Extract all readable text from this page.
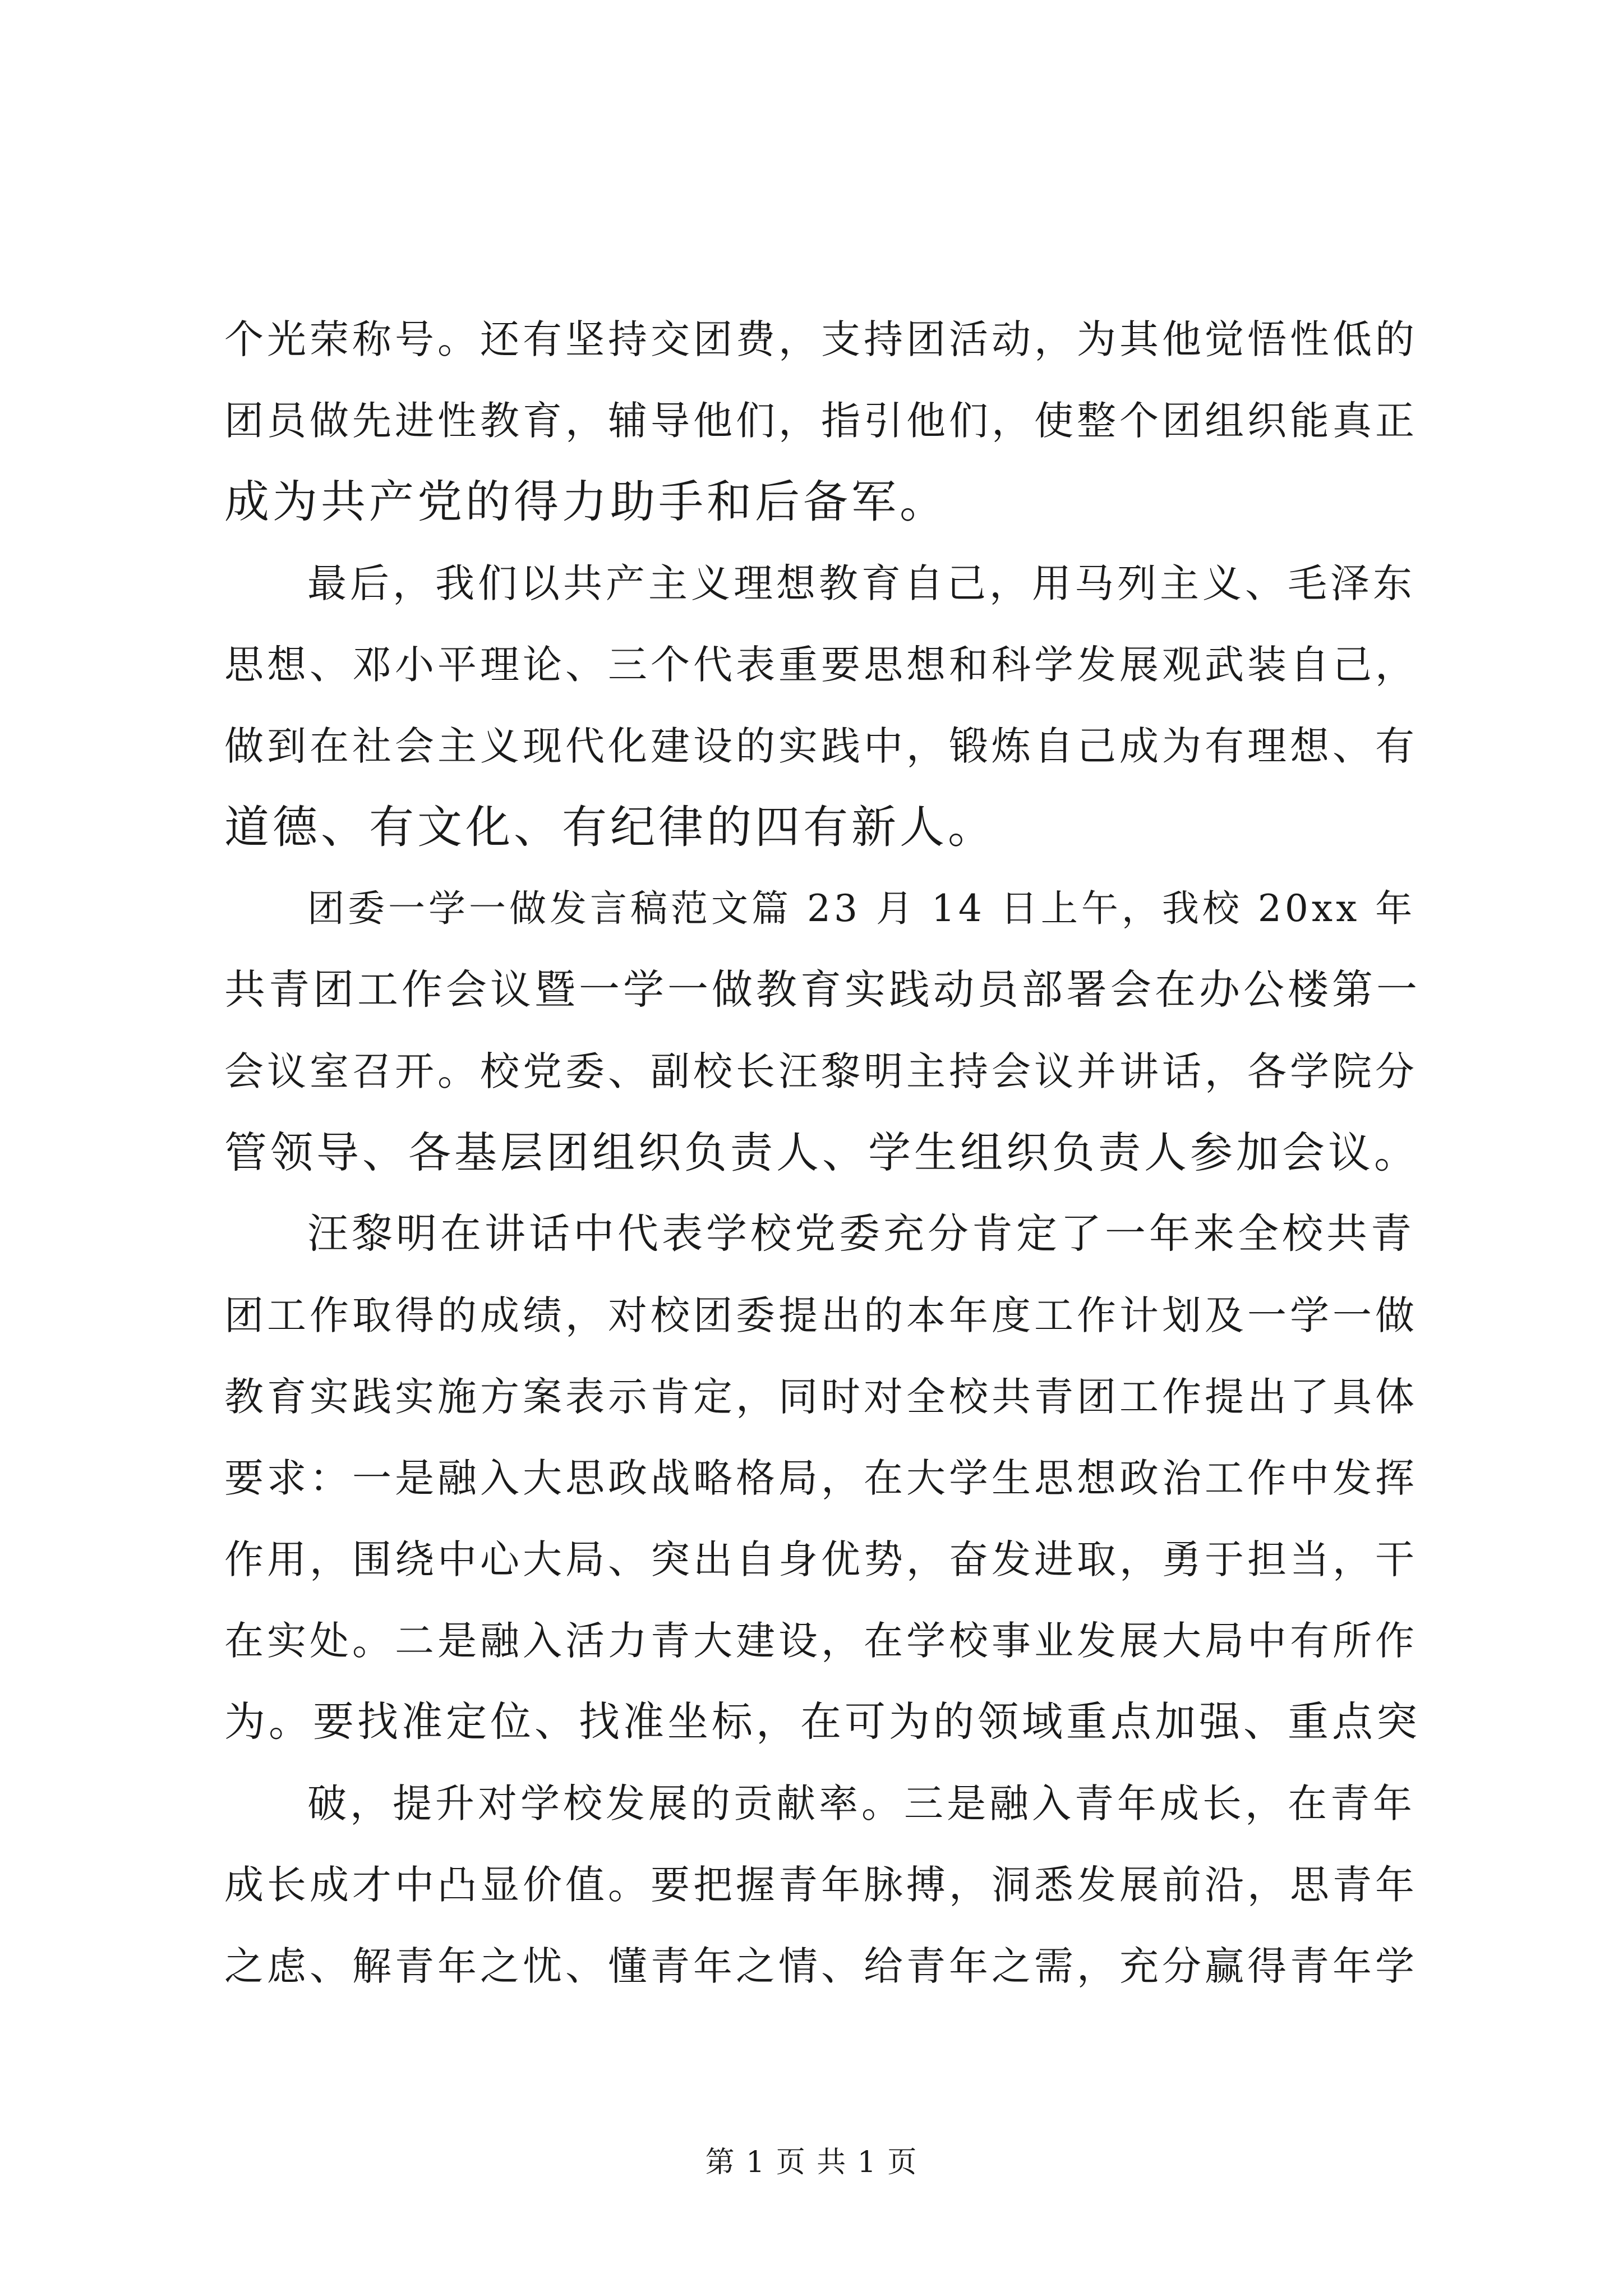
个光荣称号。还有坚持交团费，支持团活动，为其他觉悟性低的
团员做先进性教育，辅导他们，指引他们，使整个团组织能真正
成为共产党的得力助手和后备军。
最后，我们以共产主义理想教育自己，用马列主义、毛泽东
思想、邓小平理论、三个代表重要思想和科学发展观武装自己，
做到在社会主义现代化建设的实践中，锻炼自己成为有理想、有
道德、有文化、有纪律的四有新人。
团委一学一做发言稿范文篇 23 月 14 日上午，我校 20xx 年
共青团工作会议暨一学一做教育实践动员部署会在办公楼第一
会议室召开。校党委、副校长汪黎明主持会议并讲话，各学院分
管领导、各基层团组织负责人、学生组织负责人参加会议。
汪黎明在讲话中代表学校党委充分肯定了一年来全校共青
团工作取得的成绩，对校团委提出的本年度工作计划及一学一做
教育实践实施方案表示肯定，同时对全校共青团工作提出了具体
要求：一是融入大思政战略格局，在大学生思想政治工作中发挥
作用，围绕中心大局、突出自身优势，奋发进取，勇于担当，干
在实处。二是融入活力青大建设，在学校事业发展大局中有所作
为。要找准定位、找准坐标，在可为的领域重点加强、重点突
破，提升对学校发展的贡献率。三是融入青年成长，在青年
成长成才中凸显价值。要把握青年脉搏，洞悉发展前沿，思青年
之虑、解青年之忧、懂青年之情、给青年之需，充分赢得青年学
第 1 页 共 1 页
